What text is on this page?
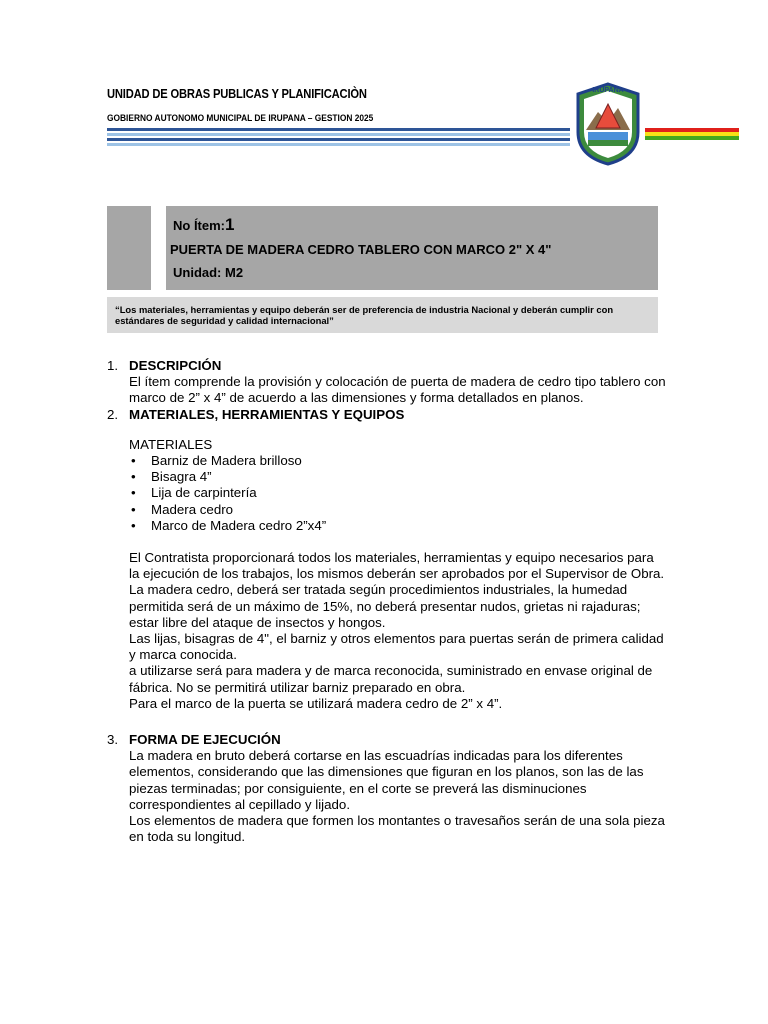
UNIDAD DE OBRAS PUBLICAS Y PLANIFICACIÒN
GOBIERNO AUTONOMO MUNICIPAL DE IRUPANA – GESTION 2025
IRUPANA
No Ítem:1
PUERTA DE MADERA CEDRO TABLERO CON MARCO 2" X 4"
Unidad: M2
“Los materiales, herramientas y equipo deberán ser de preferencia de industria Nacional y deberán cumplir con estándares de seguridad y calidad internacional”
1. DESCRIPCIÓN

El ítem comprende la provisión y colocación de puerta de madera de cedro tipo tablero con marco de 2” x 4” de acuerdo a las dimensiones y forma detallados en planos.

2. MATERIALES, HERRAMIENTAS Y EQUIPOS
MATERIALES
• Barniz de Madera brilloso
• Bisagra 4”
• Lija de carpintería
• Madera cedro
• Marco de Madera cedro 2”x4”

El Contratista proporcionará todos los materiales, herramientas y equipo necesarios para la ejecución de los trabajos, los mismos deberán ser aprobados por el Supervisor de Obra.

La madera cedro, deberá ser tratada según procedimientos industriales, la humedad permitida será de un máximo de 15%, no deberá presentar nudos, grietas ni rajaduras; estar libre del ataque de insectos y hongos.

Las lijas, bisagras de 4", el barniz y otros elementos para puertas serán de primera calidad y marca conocida.

a utilizarse será para madera y de marca reconocida, suministrado en envase original de fábrica. No se permitirá utilizar barniz preparado en obra.

Para el marco de la puerta se utilizará madera cedro de 2” x 4”.

3. FORMA DE EJECUCIÓN

La madera en bruto deberá cortarse en las escuadrías indicadas para los diferentes elementos, considerando que las dimensiones que figuran en los planos, son las de las piezas terminadas; por consiguiente, en el corte se preverá las disminuciones correspondientes al cepillado y lijado.

Los elementos de madera que formen los montantes o travesaños serán de una sola pieza en toda su longitud.
